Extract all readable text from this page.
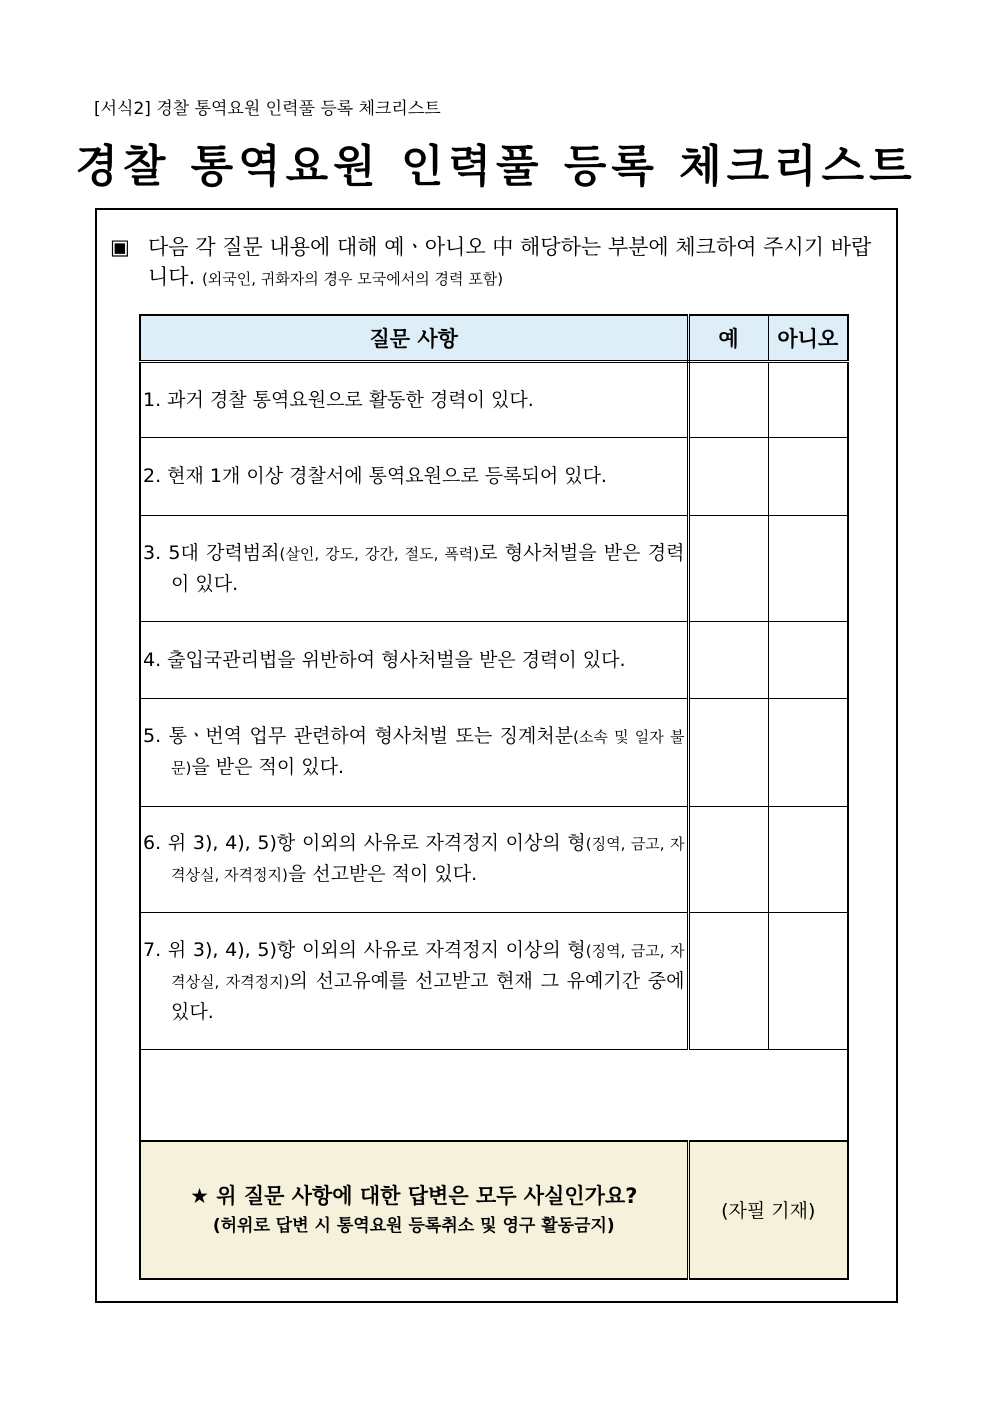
[서식2] 경찰 통역요원 인력풀 등록 체크리스트
경찰 통역요원 인력풀 등록 체크리스트
▣ 다음 각 질문 내용에 대해 예ㆍ아니오 中 해당하는 부분에 체크하여 주시기 바랍니다. (외국인, 귀화자의 경우 모국에서의 경력 포함)
질문 사항	예	아니오

1. 과거 경찰 통역요원으로 활동한 경력이 있다.		

2. 현재 1개 이상 경찰서에 통역요원으로 등록되어 있다.		

3. 5대 강력범죄(살인, 강도, 강간, 절도, 폭력)로 형사처벌을 받은 경력이 있다.		

4. 출입국관리법을 위반하여 형사처벌을 받은 경력이 있다.		

5. 통ㆍ번역 업무 관련하여 형사처벌 또는 징계처분(소속 및 일자 불문)을 받은 적이 있다.		

6. 위 3), 4), 5)항 이외의 사유로 자격정지 이상의 형(징역, 금고, 자격상실, 자격정지)을 선고받은 적이 있다.		

7. 위 3), 4), 5)항 이외의 사유로 자격정지 이상의 형(징역, 금고, 자격상실, 자격정지)의 선고유예를 선고받고 현재 그 유예기간 중에 있다.		

★ 위 질문 사항에 대한 답변은 모두 사실인가요?
(허위로 답변 시 통역요원 등록취소 및 영구 활동금지)	(자필 기재)	
